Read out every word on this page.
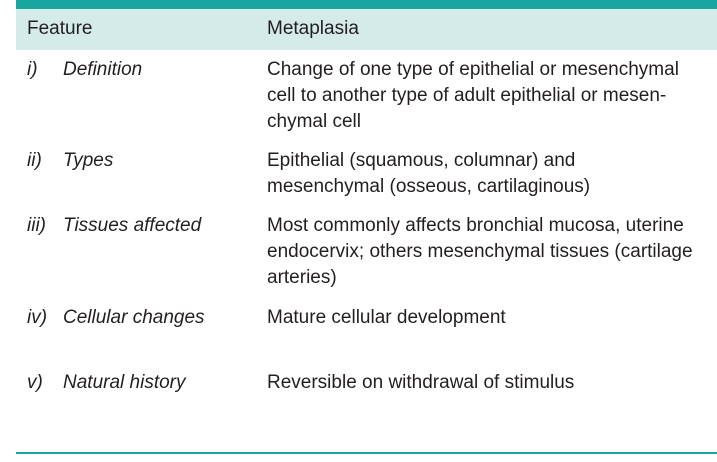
Feature	Metaplasia
i) Definition	Change of one type of epithelial or mesenchymal
cell to another type of adult epithelial or mesen-
chymal cell
ii) Types	Epithelial (squamous, columnar) and
mesenchymal (osseous, cartilaginous)
iii) Tissues affected	Most commonly affects bronchial mucosa, uterine
endocervix; others mesenchymal tissues (cartilage
arteries)
iv) Cellular changes	Mature cellular development
v) Natural history	Reversible on withdrawal of stimulus
